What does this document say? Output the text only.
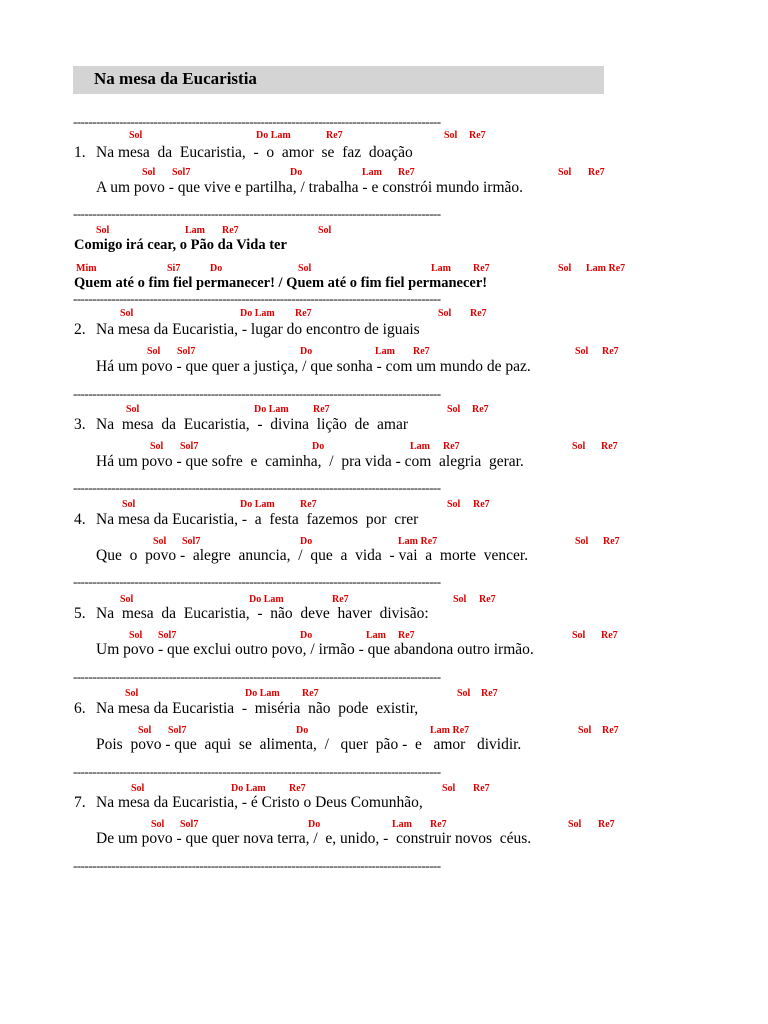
Na mesa da Eucaristia
------------------------------------------------------------------------------------------------
------------------------------------------------------------------------------------------------
------------------------------------------------------------------------------------------------
------------------------------------------------------------------------------------------------
------------------------------------------------------------------------------------------------
------------------------------------------------------------------------------------------------
------------------------------------------------------------------------------------------------
------------------------------------------------------------------------------------------------
------------------------------------------------------------------------------------------------
Sol	Do Lam	Re7	Sol Re7
1. Na mesa  da  Eucaristia,  -  o  amor  se  faz  doação
Sol Sol7	Do	Lam Re7	Sol Re7
A um povo - que vive e partilha, / trabalha - e constrói mundo irmão.
Sol	Lam Re7	Sol
Comigo irá cear, o Pão da Vida ter
Mim	Si7	Do	Sol	Lam Re7	Sol Lam Re7
Quem até o fim fiel permanecer! / Quem até o fim fiel permanecer!
Sol	Do Lam Re7	Sol Re7
2. Na mesa da Eucaristia, - lugar do encontro de iguais
Sol Sol7	Do	Lam Re7	Sol Re7
Há um povo - que quer a justiça, / que sonha - com um mundo de paz.
Sol	Do Lam Re7	Sol Re7
3. Na  mesa  da  Eucaristia,  -  divina  lição  de  amar
Sol Sol7	Do	Lam Re7	Sol Re7
Há um povo - que sofre  e  caminha,  /  pra vida - com  alegria  gerar.
Sol	Do Lam	Re7	Sol Re7
4. Na mesa da Eucaristia, -  a  festa  fazemos  por  crer
Sol Sol7	Do	Lam Re7	Sol Re7
Que  o  povo -  alegre  anuncia,  /  que  a  vida  - vai  a  morte  vencer.
Sol	Do Lam	Re7	Sol Re7
5. Na  mesa  da  Eucaristia,  -  não  deve  haver  divisão:
Sol Sol7	Do	Lam Re7	Sol Re7
Um povo - que exclui outro povo, / irmão - que abandona outro irmão.
Sol	Do Lam Re7	Sol Re7
6. Na mesa da Eucaristia  -  miséria  não  pode  existir,
Sol Sol7	Do	Lam Re7	Sol Re7
Pois  povo - que  aqui  se  alimenta,  /   quer  pão -  e   amor   dividir.
Sol	Do Lam Re7	Sol Re7
7. Na mesa da Eucaristia, - é Cristo o Deus Comunhão,
Sol Sol7	Do	Lam Re7	Sol Re7
De um povo - que quer nova terra, /  e, unido, -  construir novos  céus.
